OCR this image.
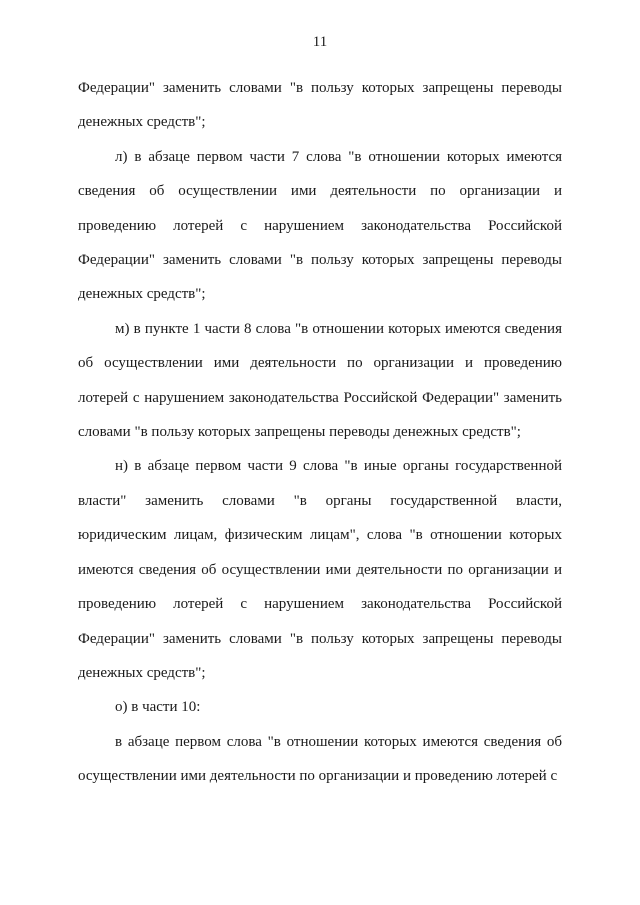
11

Федерации" заменить словами "в пользу которых запрещены переводы денежных средств";

л) в абзаце первом части 7 слова "в отношении которых имеются сведения об осуществлении ими деятельности по организации и проведению лотерей с нарушением законодательства Российской Федерации" заменить словами "в пользу которых запрещены переводы денежных средств";

м) в пункте 1 части 8 слова "в отношении которых имеются сведения об осуществлении ими деятельности по организации и проведению лотерей с нарушением законодательства Российской Федерации" заменить словами "в пользу которых запрещены переводы денежных средств";

н) в абзаце первом части 9 слова "в иные органы государственной власти" заменить словами "в органы государственной власти, юридическим лицам, физическим лицам", слова "в отношении которых имеются сведения об осуществлении ими деятельности по организации и проведению лотерей с нарушением законодательства Российской Федерации" заменить словами "в пользу которых запрещены переводы денежных средств";

о) в части 10:

в абзаце первом слова "в отношении которых имеются сведения об осуществлении ими деятельности по организации и проведению лотерей с
